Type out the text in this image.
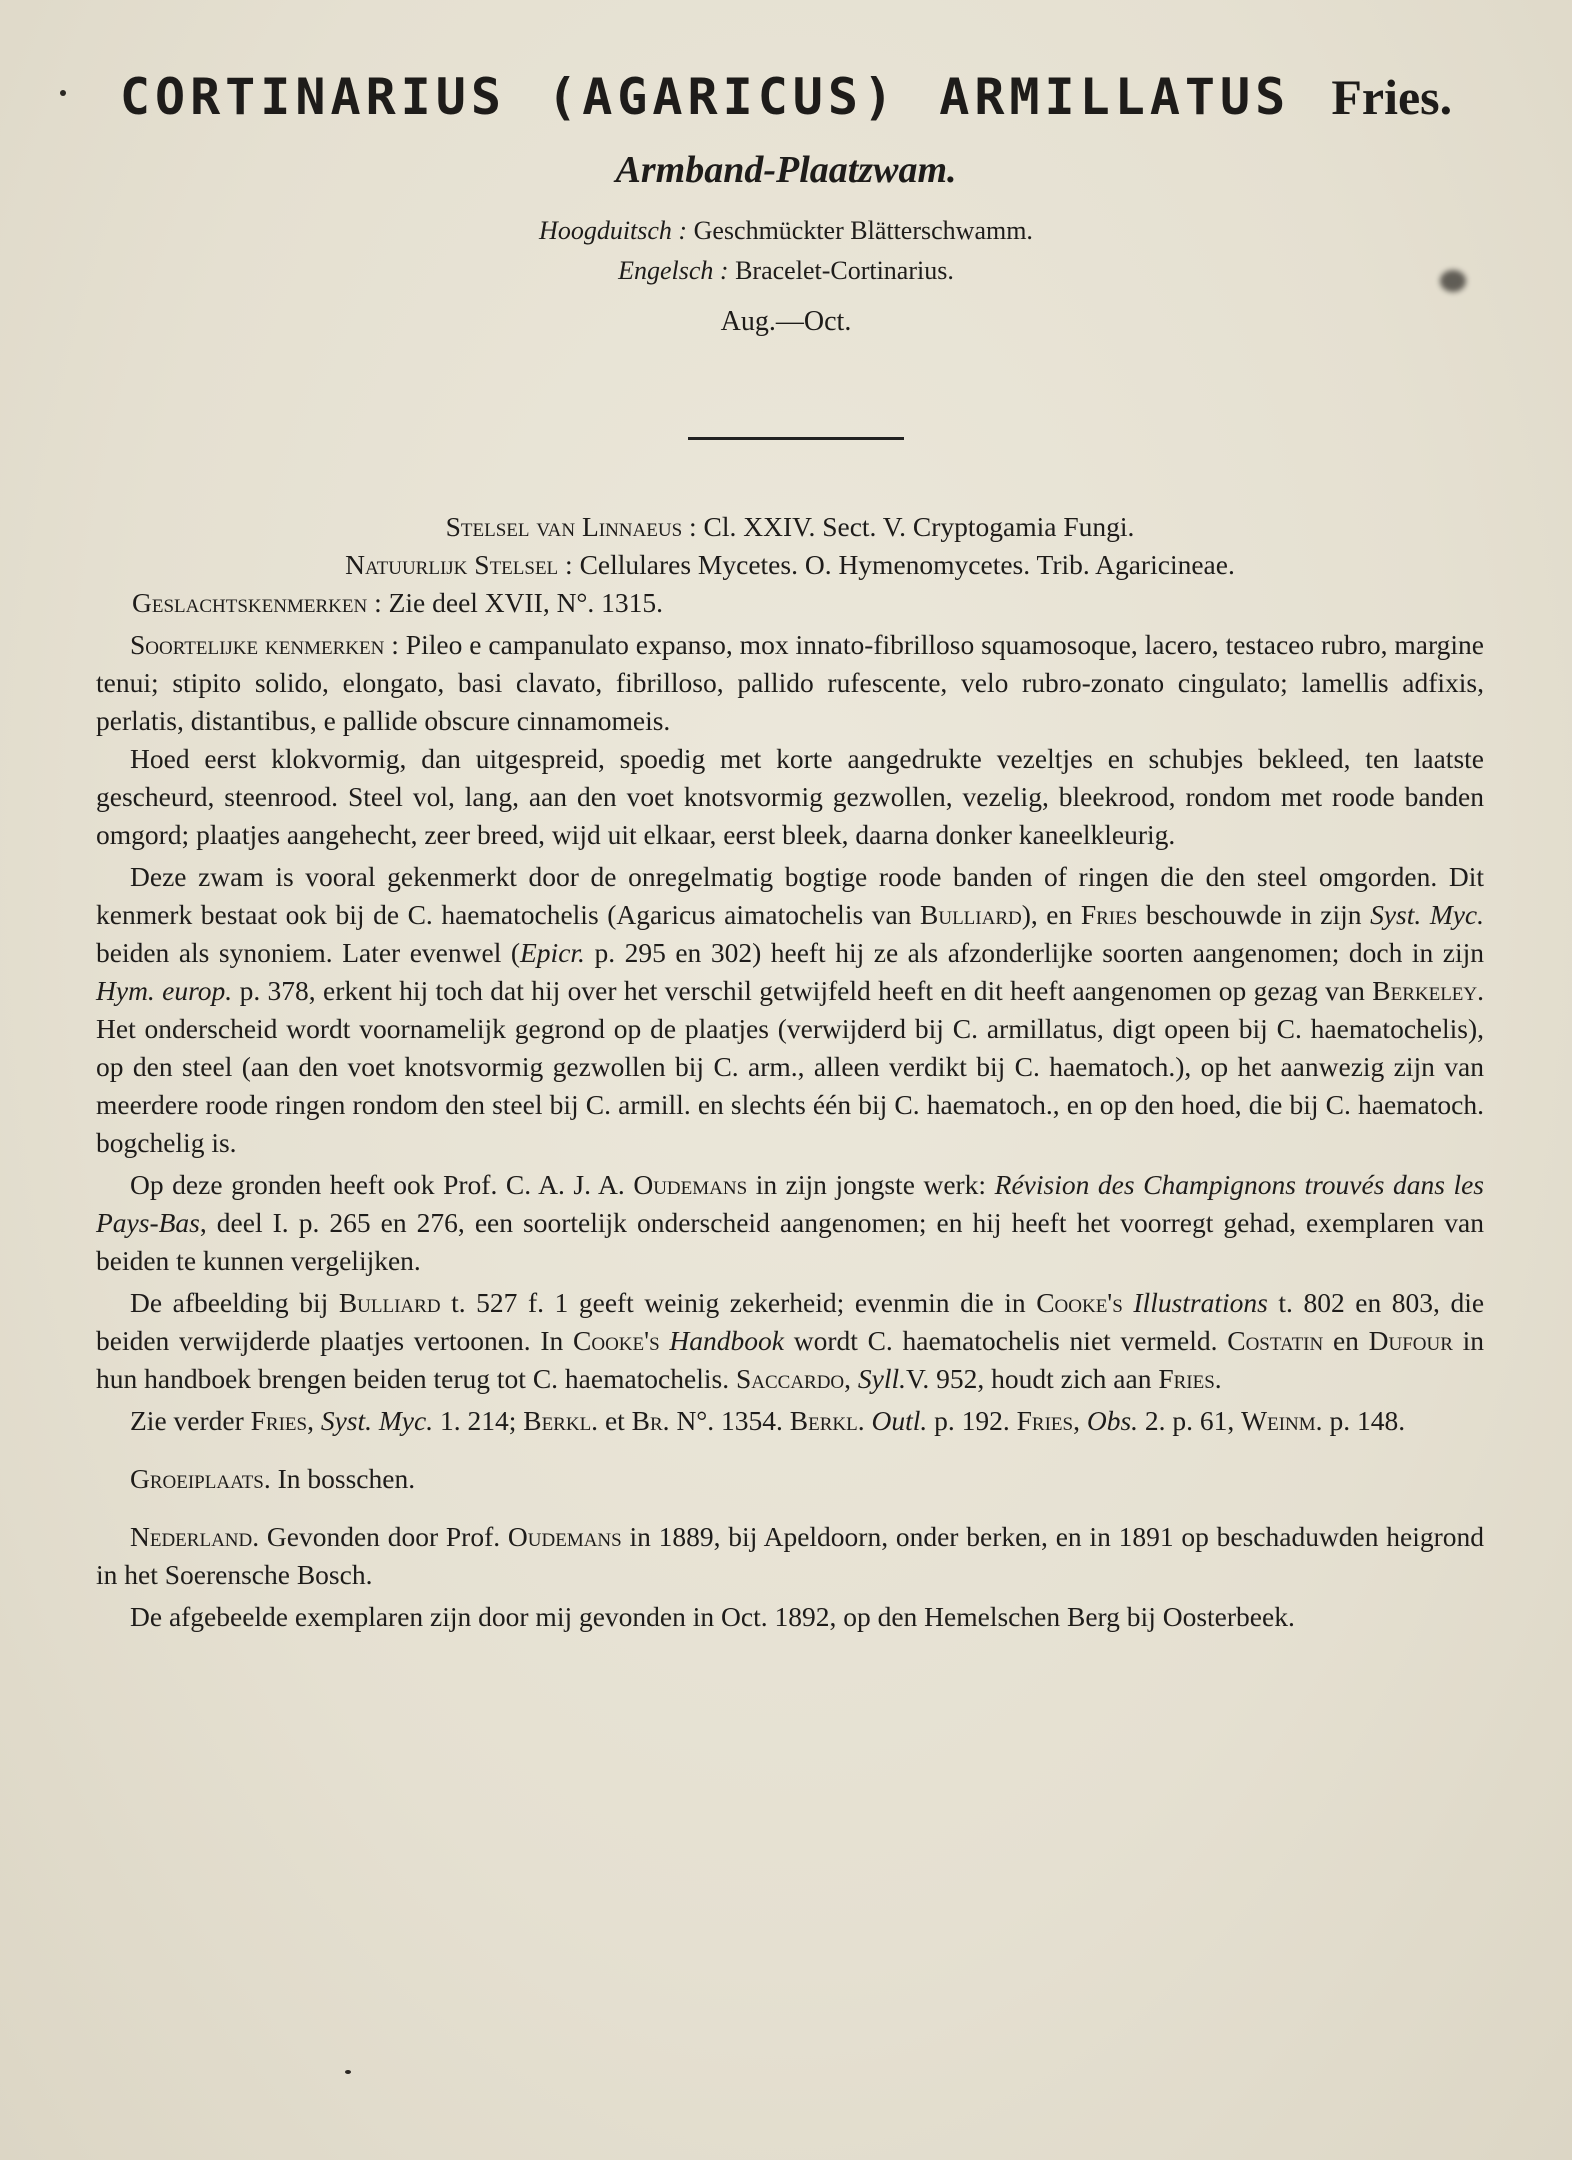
CORTINARIUS (AGARICUS) ARMILLATUS Fries.
Armband-Plaatzwam.
Hoogduitsch : Geschmückter Blätterschwamm.
Engelsch : Bracelet-Cortinarius.
Aug.—Oct.

Stelsel van Linnaeus : Cl. XXIV. Sect. V. Cryptogamia Fungi.

Natuurlijk Stelsel : Cellulares Mycetes. O. Hymenomycetes. Trib. Agaricineae.

Geslachtskenmerken : Zie deel XVII, N°. 1315.

Soortelijke kenmerken : Pileo e campanulato expanso, mox innato-fibrilloso squamosoque, lacero, testaceo rubro, margine tenui; stipito solido, elongato, basi clavato, fibrilloso, pallido rufescente, velo rubro-zonato cingulato; lamellis adfixis, perlatis, distantibus, e pallide obscure cinnamomeis.

Hoed eerst klokvormig, dan uitgespreid, spoedig met korte aangedrukte vezeltjes en schubjes bekleed, ten laatste gescheurd, steenrood. Steel vol, lang, aan den voet knotsvormig gezwollen, vezelig, bleekrood, rondom met roode banden omgord; plaatjes aangehecht, zeer breed, wijd uit elkaar, eerst bleek, daarna donker kaneelkleurig.

Deze zwam is vooral gekenmerkt door de onregelmatig bogtige roode banden of ringen die den steel omgorden. Dit kenmerk bestaat ook bij de C. haematochelis (Agaricus aimatochelis van Bulliard), en Fries beschouwde in zijn Syst. Myc. beiden als synoniem. Later evenwel (Epicr. p. 295 en 302) heeft hij ze als afzonderlijke soorten aangenomen; doch in zijn Hym. europ. p. 378, erkent hij toch dat hij over het verschil getwijfeld heeft en dit heeft aangenomen op gezag van Berkeley. Het onderscheid wordt voornamelijk gegrond op de plaatjes (verwijderd bij C. armillatus, digt opeen bij C. haematochelis), op den steel (aan den voet knotsvormig gezwollen bij C. arm., alleen verdikt bij C. haematoch.), op het aanwezig zijn van meerdere roode ringen rondom den steel bij C. armill. en slechts één bij C. haematoch., en op den hoed, die bij C. haematoch. bogchelig is.

Op deze gronden heeft ook Prof. C. A. J. A. Oudemans in zijn jongste werk: Révision des Champignons trouvés dans les Pays-Bas, deel I. p. 265 en 276, een soortelijk onderscheid aangenomen; en hij heeft het voorregt gehad, exemplaren van beiden te kunnen vergelijken.

De afbeelding bij Bulliard t. 527 f. 1 geeft weinig zekerheid; evenmin die in Cooke's Illustrations t. 802 en 803, die beiden verwijderde plaatjes vertoonen. In Cooke's Handbook wordt C. haematochelis niet vermeld. Costatin en Dufour in hun handboek brengen beiden terug tot C. haematochelis. Saccardo, Syll.V. 952, houdt zich aan Fries.

Zie verder Fries, Syst. Myc. 1. 214; Berkl. et Br. N°. 1354. Berkl. Outl. p. 192. Fries, Obs. 2. p. 61, Weinm. p. 148.

Groeiplaats. In bosschen.

Nederland. Gevonden door Prof. Oudemans in 1889, bij Apeldoorn, onder berken, en in 1891 op beschaduwden heigrond in het Soerensche Bosch.

De afgebeelde exemplaren zijn door mij gevonden in Oct. 1892, op den Hemelschen Berg bij Oosterbeek.
